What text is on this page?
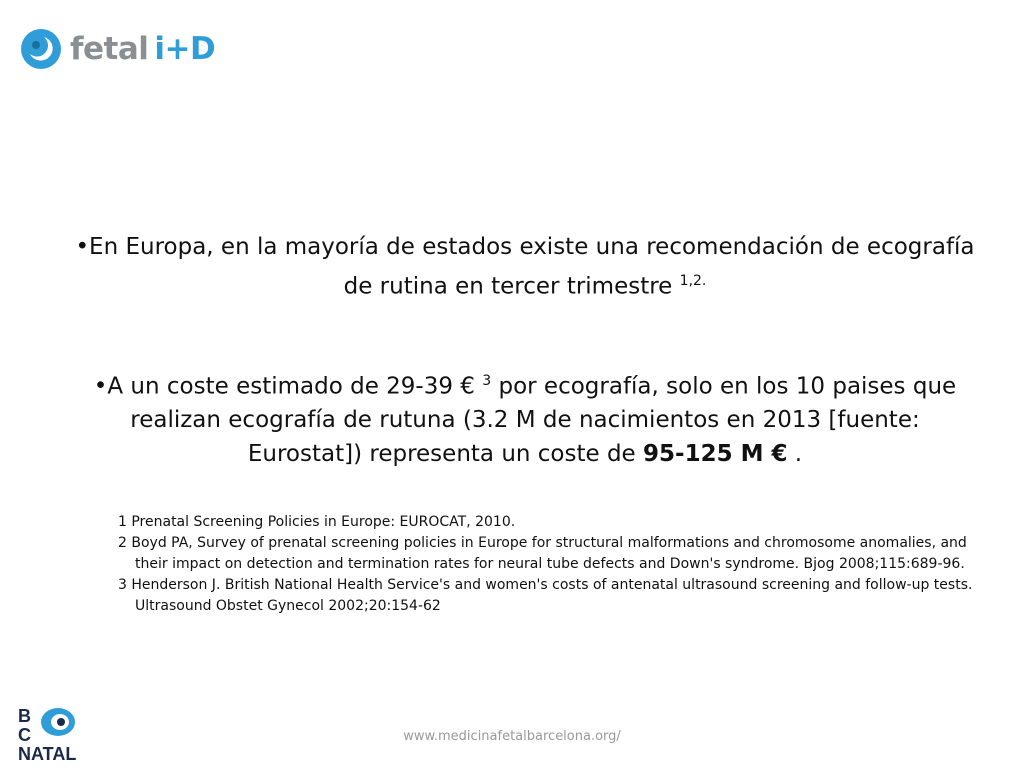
fetal i+D

•En Europa, en la mayoría de estados existe una recomendación de ecografía de rutina en tercer trimestre $^{1,2.}$

•A un coste estimado de 29-39 € $^3$ por ecografía, solo en los 10 paises que realizan ecografía de rutuna (3.2 M de nacimientos en 2013 [fuente: Eurostat]) representa un coste de 95-125 M € .

1 Prenatal Screening Policies in Europe: EUROCAT, 2010.

2 Boyd PA, Survey of prenatal screening policies in Europe for structural malformations and chromosome anomalies, and their impact on detection and termination rates for neural tube defects and Down's syndrome. Bjog 2008;115:689-96.

3 Henderson J. British National Health Service's and women's costs of antenatal ultrasound screening and follow-up tests. Ultrasound Obstet Gynecol 2002;20:154-62

B
C
NATAL
www.medicinafetalbarcelona.org/
